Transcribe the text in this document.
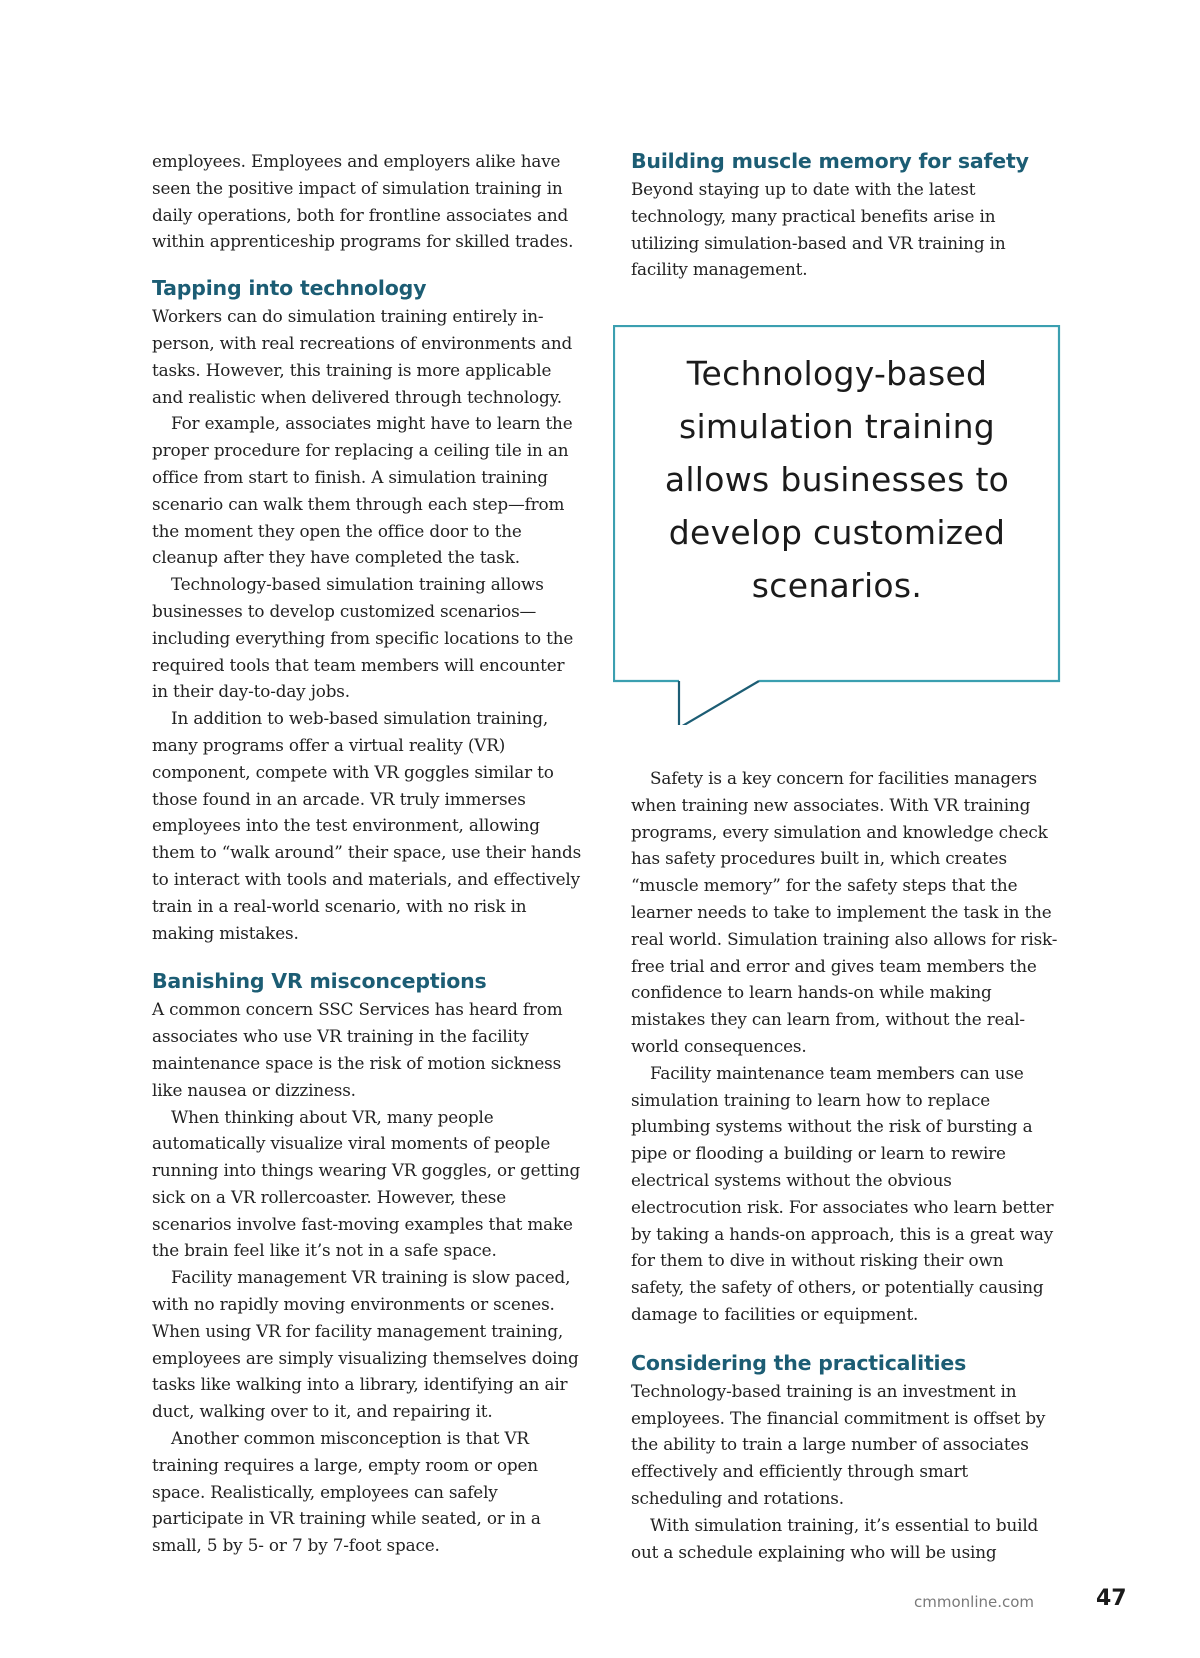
employees. Employees and employers alike have seen the positive impact of simulation training in daily operations, both for frontline associates and within apprenticeship programs for skilled trades.

Tapping into technology

Workers can do simulation training entirely in-person, with real recreations of environments and tasks. However, this training is more applicable and realistic when delivered through technology.

For example, associates might have to learn the proper procedure for replacing a ceiling tile in an office from start to finish. A simulation training scenario can walk them through each step—from the moment they open the office door to the cleanup after they have completed the task.

Technology-based simulation training allows businesses to develop customized scenarios—including everything from specific locations to the required tools that team members will encounter in their day-to-day jobs.

In addition to web-based simulation training, many programs offer a virtual reality (VR) component, compete with VR goggles similar to those found in an arcade. VR truly immerses employees into the test environment, allowing them to “walk around” their space, use their hands to interact with tools and materials, and effectively train in a real-world scenario, with no risk in making mistakes.

Banishing VR misconceptions

A common concern SSC Services has heard from associates who use VR training in the facility maintenance space is the risk of motion sickness like nausea or dizziness.

When thinking about VR, many people automatically visualize viral moments of people running into things wearing VR goggles, or getting sick on a VR rollercoaster. However, these scenarios involve fast-moving examples that make the brain feel like it’s not in a safe space.

Facility management VR training is slow paced, with no rapidly moving environments or scenes. When using VR for facility management training, employees are simply visualizing themselves doing tasks like walking into a library, identifying an air duct, walking over to it, and repairing it.

Another common misconception is that VR training requires a large, empty room or open space. Realistically, employees can safely participate in VR training while seated, or in a small, 5 by 5- or 7 by 7-foot space.

Building muscle memory for safety

Beyond staying up to date with the latest technology, many practical benefits arise in utilizing simulation-based and VR training in facility management.

Technology-based simulation training allows businesses to develop customized scenarios.

Safety is a key concern for facilities managers when training new associates. With VR training programs, every simulation and knowledge check has safety procedures built in, which creates “muscle memory” for the safety steps that the learner needs to take to implement the task in the real world. Simulation training also allows for risk-free trial and error and gives team members the confidence to learn hands-on while making mistakes they can learn from, without the real-world consequences.

Facility maintenance team members can use simulation training to learn how to replace plumbing systems without the risk of bursting a pipe or flooding a building or learn to rewire electrical systems without the obvious electrocution risk. For associates who learn better by taking a hands-on approach, this is a great way for them to dive in without risking their own safety, the safety of others, or potentially causing damage to facilities or equipment.

Considering the practicalities

Technology-based training is an investment in employees. The financial commitment is offset by the ability to train a large number of associates effectively and efficiently through smart scheduling and rotations.

With simulation training, it’s essential to build out a schedule explaining who will be using

cmmonline.com	47
